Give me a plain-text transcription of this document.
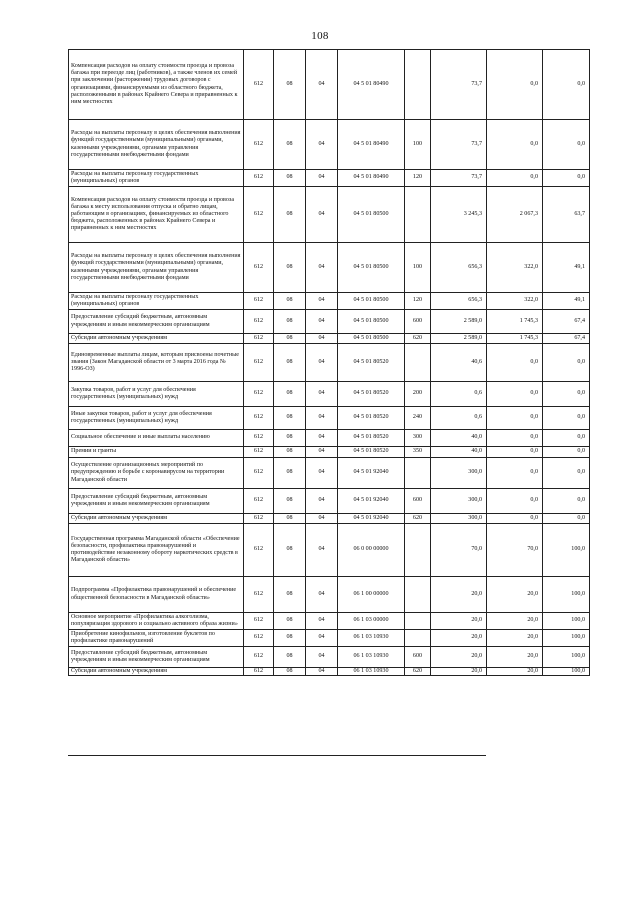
108
Компенсация расходов на оплату стоимости проезда и провоза багажа при переезде лиц (работников), а также членов их семей при заключении (расторжении) трудовых договоров с организациями, финансируемыми из областного бюджета, расположенными в районах Крайнего Севера и приравненных к ним местностях	612	08	04	04 5 01 80490		73,7	0,0	0,0
Расходы на выплаты персоналу в целях обеспечения выполнения функций государственными (муниципальными) органами, казенными учреждениями, органами управления государственными внебюджетными фондами	612	08	04	04 5 01 80490	100	73,7	0,0	0,0
Расходы на выплаты персоналу государственных (муниципальных) органов	612	08	04	04 5 01 80490	120	73,7	0,0	0,0
Компенсация расходов на оплату стоимости проезда и провоза багажа к месту использования отпуска и обратно лицам, работающим в организациях, финансируемых из областного бюджета, расположенных в районах Крайнего Севера и приравненных к ним местностях	612	08	04	04 5 01 80500		3 245,3	2 067,3	63,7
Расходы на выплаты персоналу в целях обеспечения выполнения функций государственными (муниципальными) органами, казенными учреждениями, органами управления государственными внебюджетными фондами	612	08	04	04 5 01 80500	100	656,3	322,0	49,1
Расходы на выплаты персоналу государственных (муниципальных) органов	612	08	04	04 5 01 80500	120	656,3	322,0	49,1
Предоставление субсидий бюджетным, автономным учреждениям и иным некоммерческим организациям	612	08	04	04 5 01 80500	600	2 589,0	1 745,3	67,4
Субсидии автономным учреждениям	612	08	04	04 5 01 80500	620	2 589,0	1 745,3	67,4
Единовременные выплаты лицам, которым присвоены почетные звания (Закон Магаданской области от 3 марта 2016 года № 1996-ОЗ)	612	08	04	04 5 01 80520		40,6	0,0	0,0
Закупка товаров, работ и услуг для обеспечения государственных (муниципальных) нужд	612	08	04	04 5 01 80520	200	0,6	0,0	0,0
Иные закупки товаров, работ и услуг для обеспечения государственных (муниципальных) нужд	612	08	04	04 5 01 80520	240	0,6	0,0	0,0
Социальное обеспечение и иные выплаты населению	612	08	04	04 5 01 80520	300	40,0	0,0	0,0
Премии и гранты	612	08	04	04 5 01 80520	350	40,0	0,0	0,0
Осуществление организационных мероприятий по предупреждению и борьбе с коронавирусом на территории Магаданской области	612	08	04	04 5 01 92040		300,0	0,0	0,0
Предоставление субсидий бюджетным, автономным учреждениям и иным некоммерческим организациям	612	08	04	04 5 01 92040	600	300,0	0,0	0,0
Субсидии автономным учреждениям	612	08	04	04 5 01 92040	620	300,0	0,0	0,0
Государственная программа Магаданской области «Обеспечение безопасности, профилактика правонарушений и противодействие незаконному обороту наркотических средств в Магаданской области»	612	08	04	06 0 00 00000		70,0	70,0	100,0
Подпрограмма «Профилактика правонарушений и обеспечение общественной безопасности в Магаданской области»	612	08	04	06 1 00 00000		20,0	20,0	100,0
Основное мероприятие «Профилактика алкоголизма, популяризация здорового и социально активного образа жизни»	612	08	04	06 1 03 00000		20,0	20,0	100,0
Приобретение кинофильмов, изготовление буклетов по профилактике правонарушений	612	08	04	06 1 03 10930		20,0	20,0	100,0
Предоставление субсидий бюджетным, автономным учреждениям и иным некоммерческим организациям	612	08	04	06 1 03 10930	600	20,0	20,0	100,0
Субсидии автономным учреждениям	612	08	04	06 1 03 10930	620	20,0	20,0	100,0
